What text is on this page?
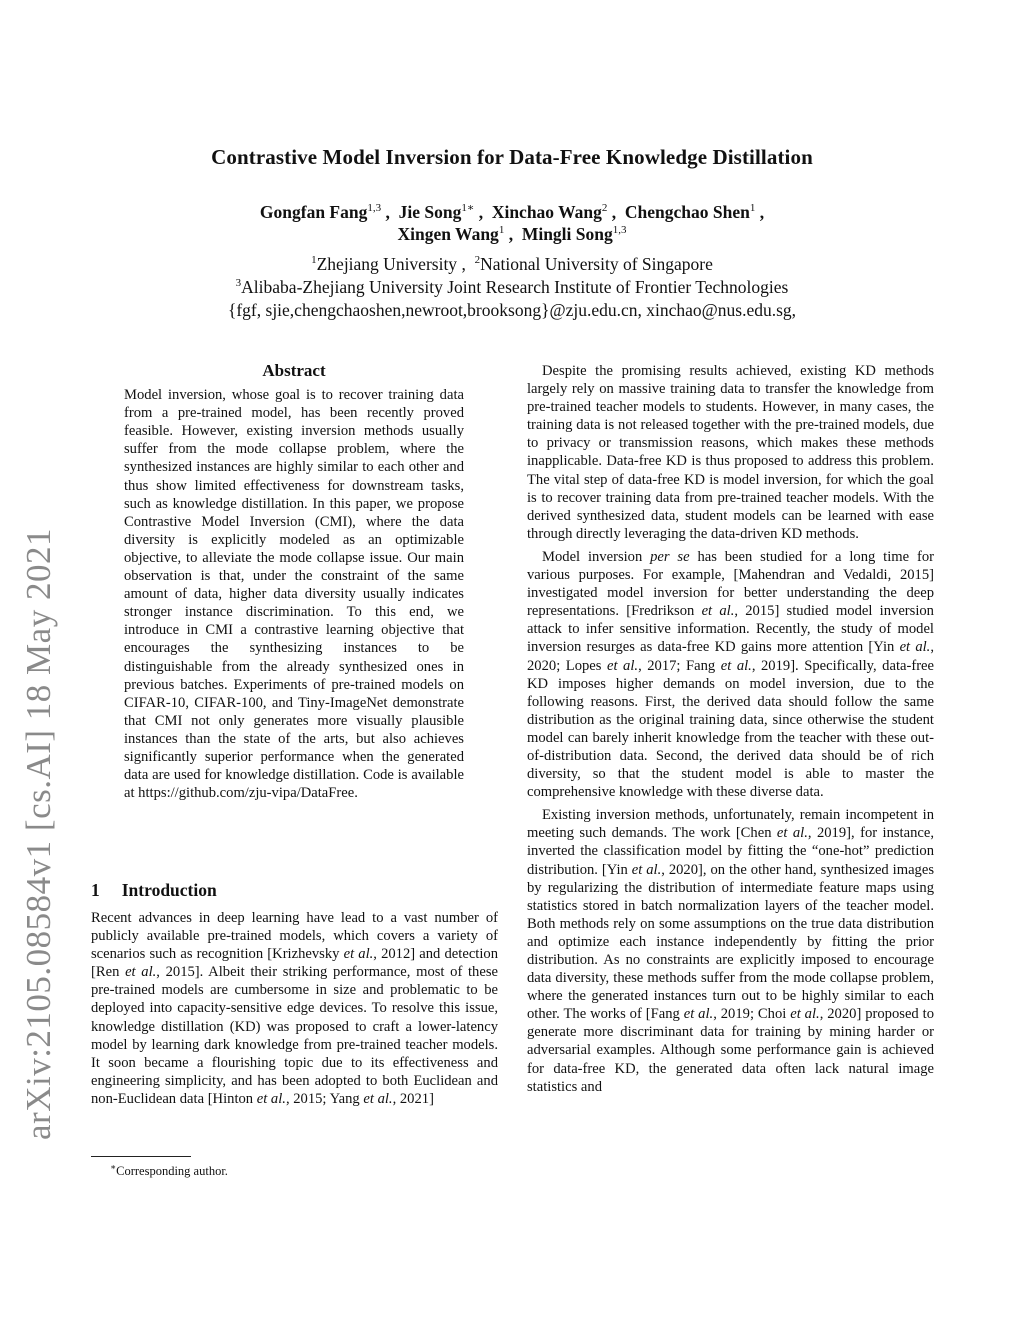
Contrastive Model Inversion for Data-Free Knowledge Distillation
Gongfan Fang$^{1,3}$ ,  Jie Song$^{1∗}$ ,  Xinchao Wang$^2$ ,  Chengchao Shen$^1$ ,
Xingen Wang$^1$ ,  Mingli Song$^{1,3}$
$^1$Zhejiang University ,  $^2$National University of Singapore
$^3$Alibaba-Zhejiang University Joint Research Institute of Frontier Technologies
{fgf, sjie,chengchaoshen,newroot,brooksong}@zju.edu.cn, xinchao@nus.edu.sg,
arXiv:2105.08584v1 [cs.AI] 18 May 2021
Abstract

Model inversion, whose goal is to recover training data from a pre-trained model, has been recently proved feasible. However, existing inversion methods usually suffer from the mode collapse problem, where the synthesized instances are highly similar to each other and thus show limited effectiveness for downstream tasks, such as knowledge distillation. In this paper, we propose Contrastive Model Inversion (CMI), where the data diversity is explicitly modeled as an optimizable objective, to alleviate the mode collapse issue. Our main observation is that, under the constraint of the same amount of data, higher data diversity usually indicates stronger instance discrimination. To this end, we introduce in CMI a contrastive learning objective that encourages the synthesizing instances to be distinguishable from the already synthesized ones in previous batches. Experiments of pre-trained models on CIFAR-10, CIFAR-100, and Tiny-ImageNet demonstrate that CMI not only generates more visually plausible instances than the state of the arts, but also achieves significantly superior performance when the generated data are used for knowledge distillation. Code is available at https://github.com/zju-vipa/DataFree.

1 Introduction

Recent advances in deep learning have lead to a vast number of publicly available pre-trained models, which covers a variety of scenarios such as recognition [Krizhevsky et al., 2012] and detection [Ren et al., 2015]. Albeit their striking performance, most of these pre-trained models are cumbersome in size and problematic to be deployed into capacity-sensitive edge devices. To resolve this issue, knowledge distillation (KD) was proposed to craft a lower-latency model by learning dark knowledge from pre-trained teacher models. It soon became a flourishing topic due to its effectiveness and engineering simplicity, and has been adopted to both Euclidean and non-Euclidean data [Hinton et al., 2015; Yang et al., 2021]

∗Corresponding author.

Despite the promising results achieved, existing KD methods largely rely on massive training data to transfer the knowledge from pre-trained teacher models to students. However, in many cases, the training data is not released together with the pre-trained models, due to privacy or transmission reasons, which makes these methods inapplicable. Data-free KD is thus proposed to address this problem. The vital step of data-free KD is model inversion, for which the goal is to recover training data from pre-trained teacher models. With the derived synthesized data, student models can be learned with ease through directly leveraging the data-driven KD methods.

Model inversion per se has been studied for a long time for various purposes. For example, [Mahendran and Vedaldi, 2015] investigated model inversion for better understanding the deep representations. [Fredrikson et al., 2015] studied model inversion attack to infer sensitive information. Recently, the study of model inversion resurges as data-free KD gains more attention [Yin et al., 2020; Lopes et al., 2017; Fang et al., 2019]. Specifically, data-free KD imposes higher demands on model inversion, due to the following reasons. First, the derived data should follow the same distribution as the original training data, since otherwise the student model can barely inherit knowledge from the teacher with these out-of-distribution data. Second, the derived data should be of rich diversity, so that the student model is able to master the comprehensive knowledge with these diverse data.

Existing inversion methods, unfortunately, remain incompetent in meeting such demands. The work [Chen et al., 2019], for instance, inverted the classification model by fitting the “one-hot” prediction distribution. [Yin et al., 2020], on the other hand, synthesized images by regularizing the distribution of intermediate feature maps using statistics stored in batch normalization layers of the teacher model. Both methods rely on some assumptions on the true data distribution and optimize each instance independently by fitting the prior distribution. As no constraints are explicitly imposed to encourage data diversity, these methods suffer from the mode collapse problem, where the generated instances turn out to be highly similar to each other. The works of [Fang et al., 2019; Choi et al., 2020] proposed to generate more discriminant data for training by mining harder or adversarial examples. Although some performance gain is achieved for data-free KD, the generated data often lack natural image statistics and
